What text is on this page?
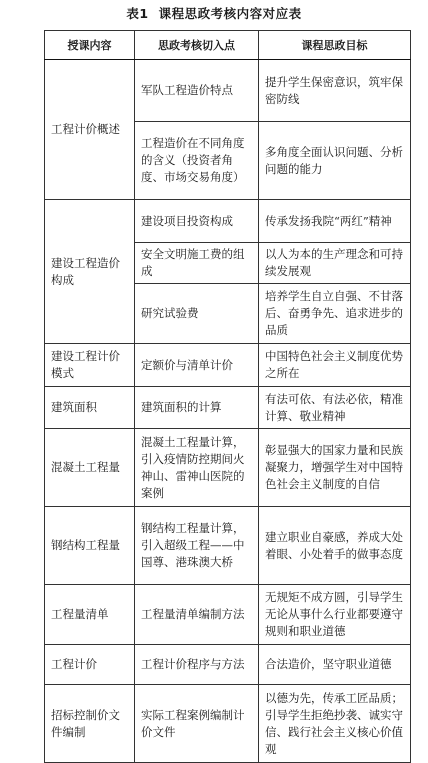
表1 课程思政考核内容对应表
授课内容	思政考核切入点	课程思政目标
工程计价概述	军队工程造价特点	提升学生保密意识，筑牢保密防线
	工程造价在不同角度的含义（投资者角度、市场交易角度）	多角度全面认识问题、分析问题的能力
建设工程造价构成	建设项目投资构成	传承发扬我院“两红”精神
	安全文明施工费的组成	以人为本的生产理念和可持续发展观
	研究试验费	培养学生自立自强、不甘落后、奋勇争先、追求进步的品质
建设工程计价模式	定额价与清单计价	中国特色社会主义制度优势之所在
建筑面积	建筑面积的计算	有法可依、有法必依，精准计算、敬业精神
混凝土工程量	混凝土工程量计算，引入疫情防控期间火神山、雷神山医院的案例	彰显强大的国家力量和民族凝聚力，增强学生对中国特色社会主义制度的自信
钢结构工程量	钢结构工程量计算，引入超级工程——中国尊、港珠澳大桥	建立职业自豪感，养成大处着眼、小处着手的做事态度
工程量清单	工程量清单编制方法	无规矩不成方圆，引导学生无论从事什么行业都要遵守规则和职业道德
工程计价	工程计价程序与方法	合法造价，坚守职业道德
招标控制价文件编制	实际工程案例编制计价文件	以德为先，传承工匠品质；引导学生拒绝抄袭、诚实守信、践行社会主义核心价值观
